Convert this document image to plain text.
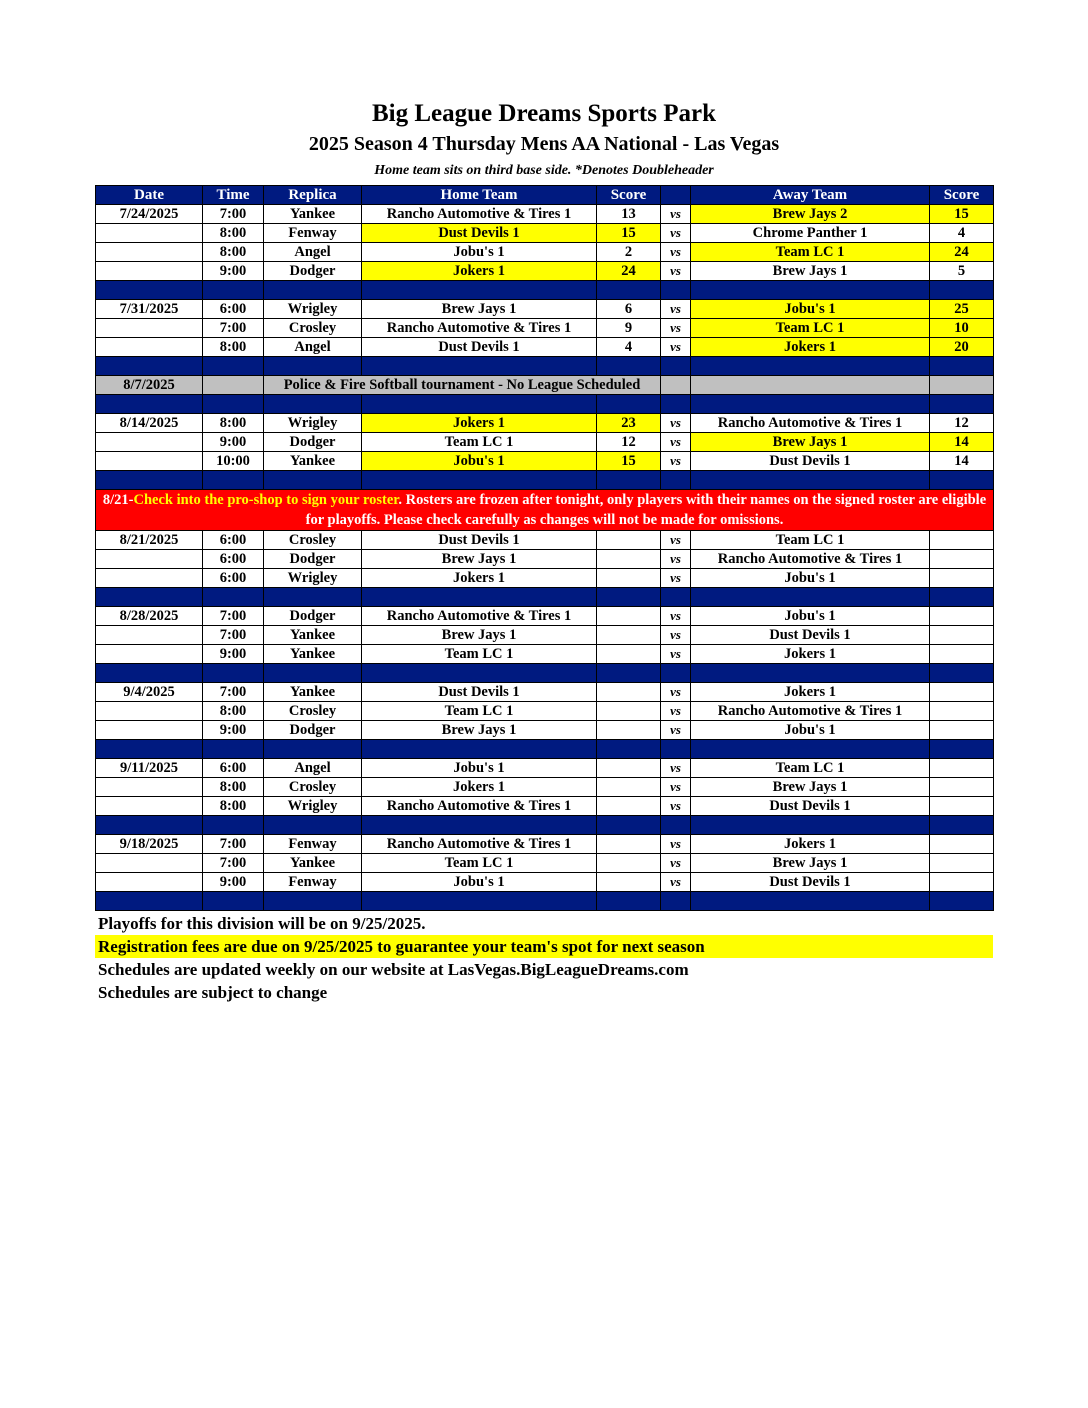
Big League Dreams Sports Park
2025 Season 4 Thursday Mens AA National - Las Vegas
Home team sits on third base side. *Denotes Doubleheader
Date	Time	Replica	Home Team	Score		Away Team	Score
7/24/2025	7:00	Yankee	Rancho Automotive & Tires 1	13	vs	Brew Jays 2	15
	8:00	Fenway	Dust Devils 1	15	vs	Chrome Panther 1	4
	8:00	Angel	Jobu's 1	2	vs	Team LC 1	24
	9:00	Dodger	Jokers 1	24	vs	Brew Jays 1	5

7/31/2025	6:00	Wrigley	Brew Jays 1	6	vs	Jobu's 1	25
	7:00	Crosley	Rancho Automotive & Tires 1	9	vs	Team LC 1	10
	8:00	Angel	Dust Devils 1	4	vs	Jokers 1	20

8/7/2025		Police & Fire Softball tournament - No League Scheduled					

8/14/2025	8:00	Wrigley	Jokers 1	23	vs	Rancho Automotive & Tires 1	12
	9:00	Dodger	Team LC 1	12	vs	Brew Jays 1	14
	10:00	Yankee	Jobu's 1	15	vs	Dust Devils 1	14

8/21-Check into the pro-shop to sign your roster. Rosters are frozen after tonight, only players with their names on the signed roster are eligible for playoffs. Please check carefully as changes will not be made for omissions.							
8/21/2025	6:00	Crosley	Dust Devils 1		vs	Team LC 1	
	6:00	Dodger	Brew Jays 1		vs	Rancho Automotive & Tires 1	
	6:00	Wrigley	Jokers 1		vs	Jobu's 1	

8/28/2025	7:00	Dodger	Rancho Automotive & Tires 1		vs	Jobu's 1	
	7:00	Yankee	Brew Jays 1		vs	Dust Devils 1	
	9:00	Yankee	Team LC 1		vs	Jokers 1	

9/4/2025	7:00	Yankee	Dust Devils 1		vs	Jokers 1	
	8:00	Crosley	Team LC 1		vs	Rancho Automotive & Tires 1	
	9:00	Dodger	Brew Jays 1		vs	Jobu's 1	

9/11/2025	6:00	Angel	Jobu's 1		vs	Team LC 1	
	8:00	Crosley	Jokers 1		vs	Brew Jays 1	
	8:00	Wrigley	Rancho Automotive & Tires 1		vs	Dust Devils 1	

9/18/2025	7:00	Fenway	Rancho Automotive & Tires 1		vs	Jokers 1	
	7:00	Yankee	Team LC 1		vs	Brew Jays 1	
	9:00	Fenway	Jobu's 1		vs	Dust Devils 1	

Playoffs for this division will be on 9/25/2025.
Registration fees are due on 9/25/2025 to guarantee your team's spot for next season
Schedules are updated weekly on our website at LasVegas.BigLeagueDreams.com
Schedules are subject to change
